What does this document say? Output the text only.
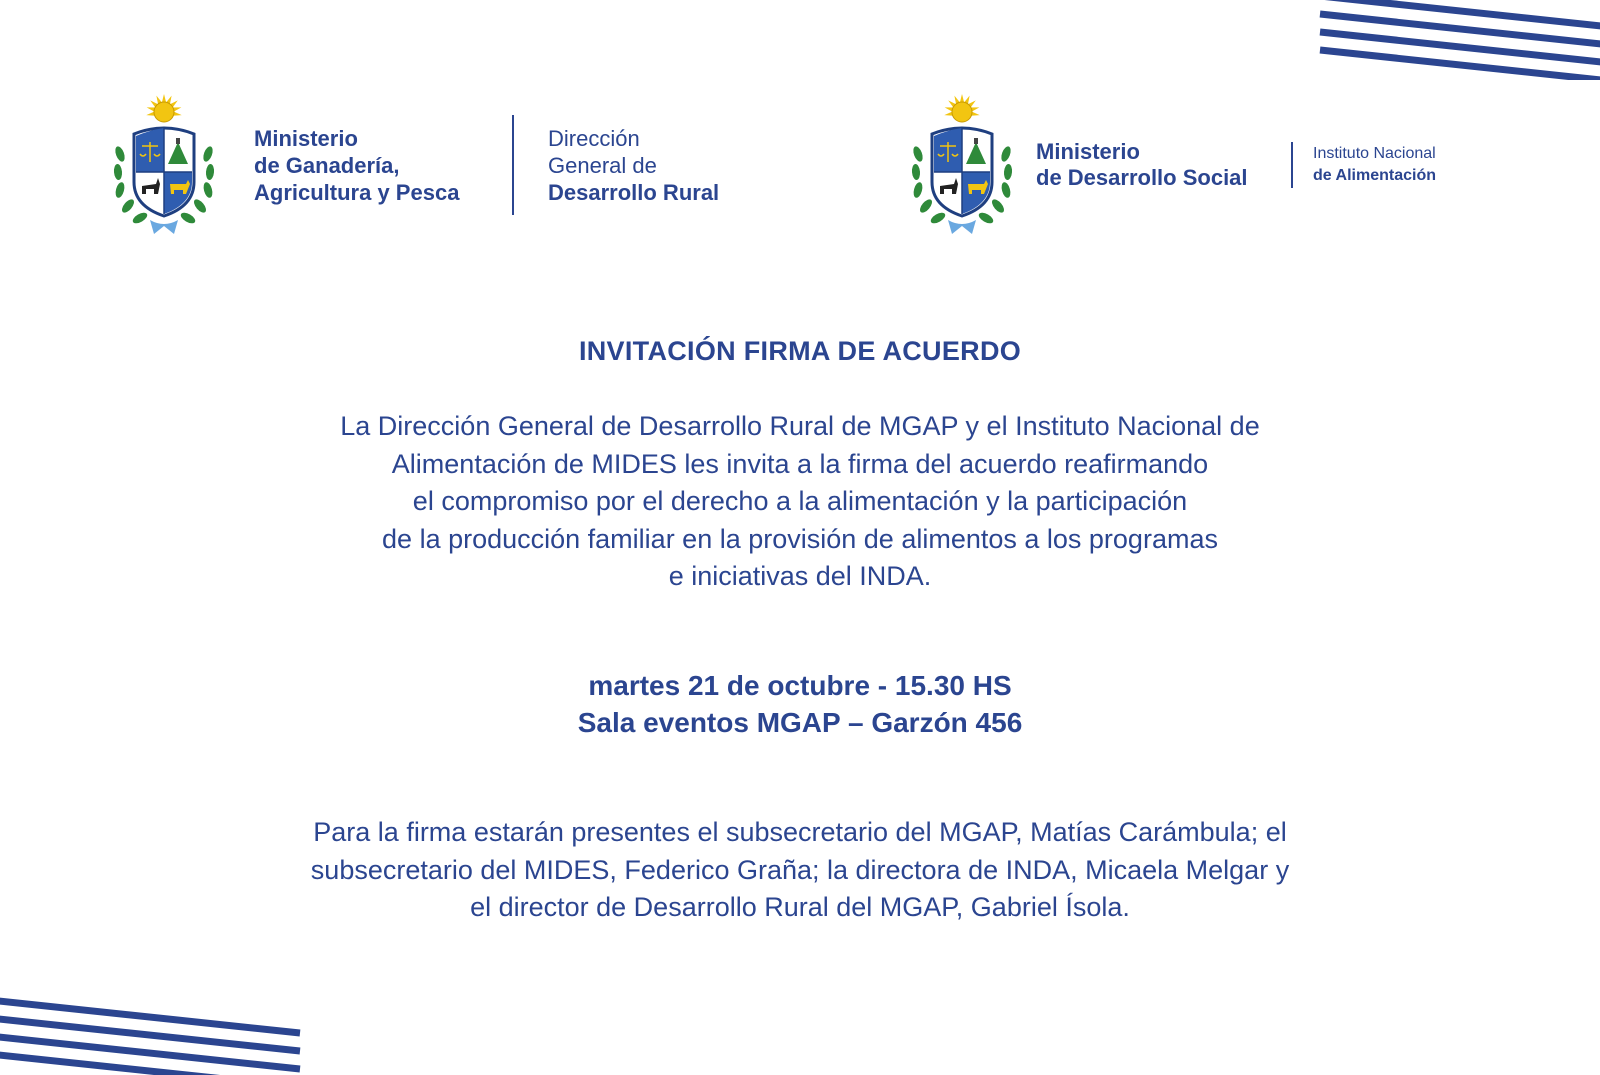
Ministerio
de Ganadería,
Agricultura y Pesca
Dirección
General de
Desarrollo Rural
Ministerio
de Desarrollo Social
Instituto Nacional
de Alimentación
INVITACIÓN FIRMA DE ACUERDO
La Dirección General de Desarrollo Rural de MGAP y el Instituto Nacional de
Alimentación de MIDES les invita a la firma del acuerdo reafirmando
el compromiso por el derecho a la alimentación y la participación
de la producción familiar en la provisión de alimentos a los programas
e iniciativas del INDA.
martes 21 de octubre - 15.30 HS
Sala eventos MGAP – Garzón 456
Para la firma estarán presentes el subsecretario del MGAP, Matías Carámbula; el
subsecretario del MIDES, Federico Graña; la directora de INDA, Micaela Melgar y
el director de Desarrollo Rural del MGAP, Gabriel Ísola.
